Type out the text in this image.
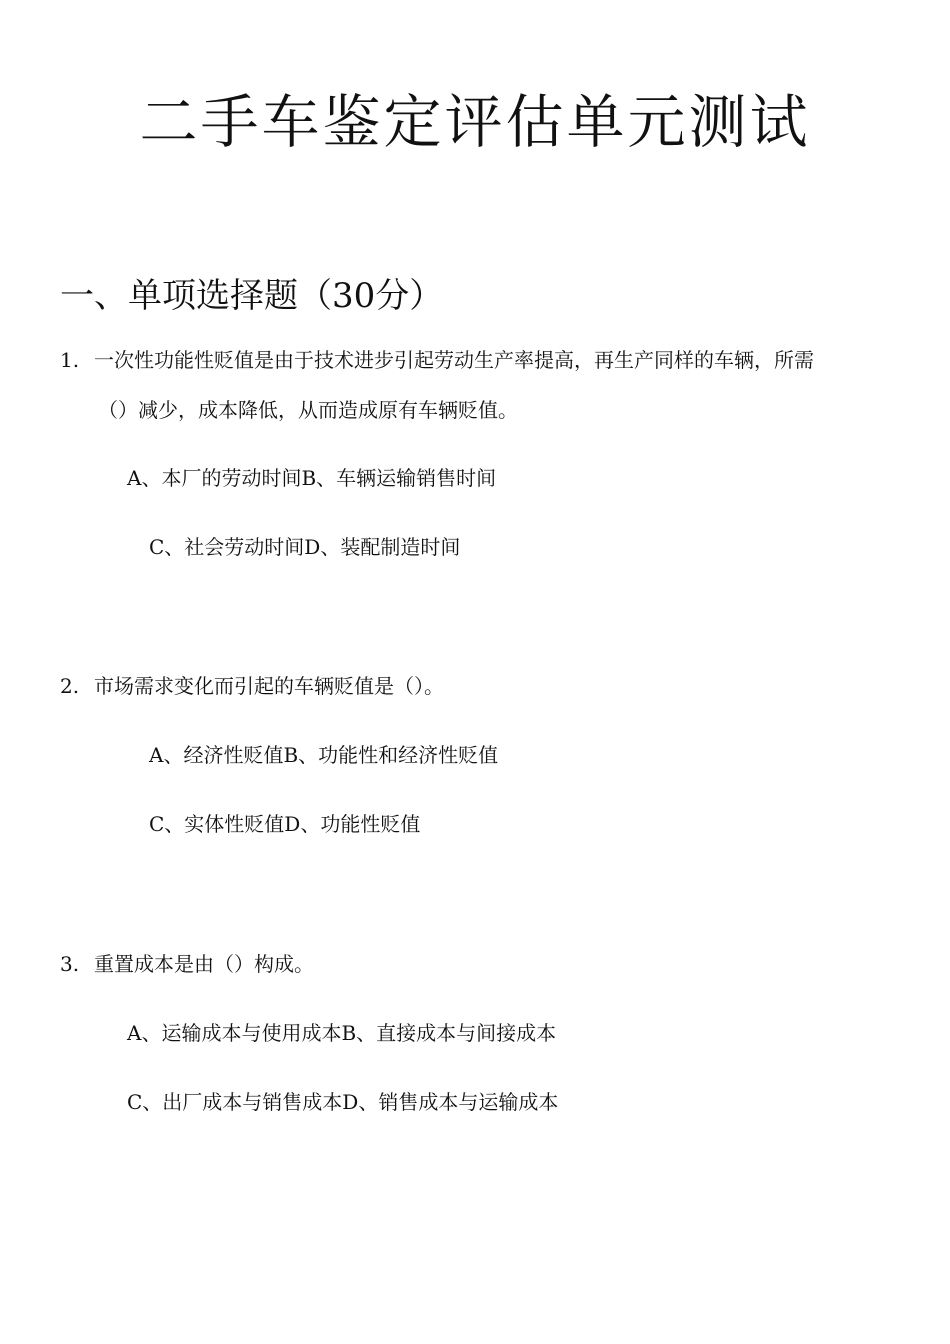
二手车鉴定评估单元测试
一、单项选择题（30分）
1. 一次性功能性贬值是由于技术进步引起劳动生产率提高，再生产同样的车辆，所需
（）减少，成本降低，从而造成原有车辆贬值。
A、本厂的劳动时间B、车辆运输销售时间
C、社会劳动时间D、装配制造时间
2. 市场需求变化而引起的车辆贬值是（）。
A、经济性贬值B、功能性和经济性贬值
C、实体性贬值D、功能性贬值
3. 重置成本是由（）构成。
A、运输成本与使用成本B、直接成本与间接成本
C、出厂成本与销售成本D、销售成本与运输成本
